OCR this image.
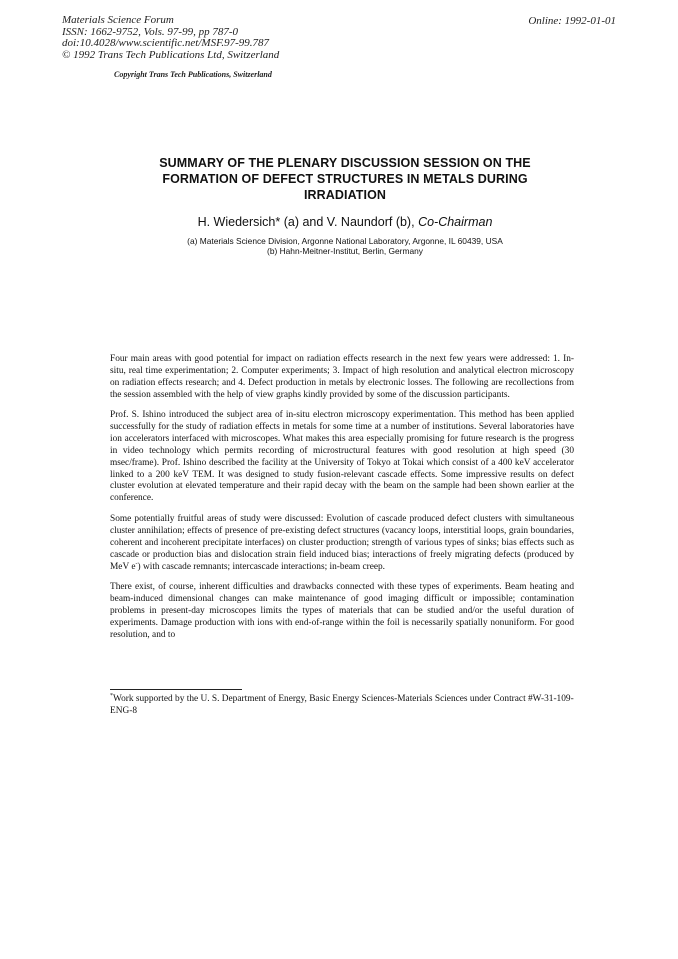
Materials Science Forum
ISSN: 1662-9752, Vols. 97-99, pp 787-0
doi:10.4028/www.scientific.net/MSF.97-99.787
© 1992 Trans Tech Publications Ltd, Switzerland
Online: 1992-01-01
Copyright Trans Tech Publications, Switzerland
SUMMARY OF THE PLENARY DISCUSSION SESSION ON THE
FORMATION OF DEFECT STRUCTURES IN METALS DURING
IRRADIATION
H. Wiedersich* (a) and V. Naundorf (b), Co-Chairman
(a) Materials Science Division, Argonne National Laboratory, Argonne, IL 60439, USA
(b) Hahn-Meitner-Institut, Berlin, Germany

Four main areas with good potential for impact on radiation effects research in the next few years were addressed: 1. In-situ, real time experimentation; 2. Computer experiments; 3. Impact of high resolution and analytical electron microscopy on radiation effects research; and 4. Defect production in metals by electronic losses. The following are recollections from the session assembled with the help of view graphs kindly provided by some of the discussion participants.

Prof. S. Ishino introduced the subject area of in-situ electron microscopy experimentation. This method has been applied successfully for the study of radiation effects in metals for some time at a number of institutions. Several laboratories have ion accelerators interfaced with microscopes. What makes this area especially promising for future research is the progress in video technology which permits recording of microstructural features with good resolution at high speed (30 msec/frame). Prof. Ishino described the facility at the University of Tokyo at Tokai which consist of a 400 keV accelerator linked to a 200 keV TEM. It was designed to study fusion-relevant cascade effects. Some impressive results on defect cluster evolution at elevated temperature and their rapid decay with the beam on the sample had been shown earlier at the conference.

Some potentially fruitful areas of study were discussed: Evolution of cascade produced defect clusters with simultaneous cluster annihilation; effects of presence of pre-existing defect structures (vacancy loops, interstitial loops, grain boundaries, coherent and incoherent precipitate interfaces) on cluster production; strength of various types of sinks; bias effects such as cascade or production bias and dislocation strain field induced bias; interactions of freely migrating defects (produced by MeV e-) with cascade remnants; intercascade interactions; in-beam creep.

There exist, of course, inherent difficulties and drawbacks connected with these types of experiments. Beam heating and beam-induced dimensional changes can make maintenance of good imaging difficult or impossible; contamination problems in present-day microscopes limits the types of materials that can be studied and/or the useful duration of experiments. Damage production with ions with end-of-range within the foil is necessarily spatially nonuniform. For good resolution, and to

*Work supported by the U. S. Department of Energy, Basic Energy Sciences-Materials Sciences under Contract #W-31-109-ENG-8
